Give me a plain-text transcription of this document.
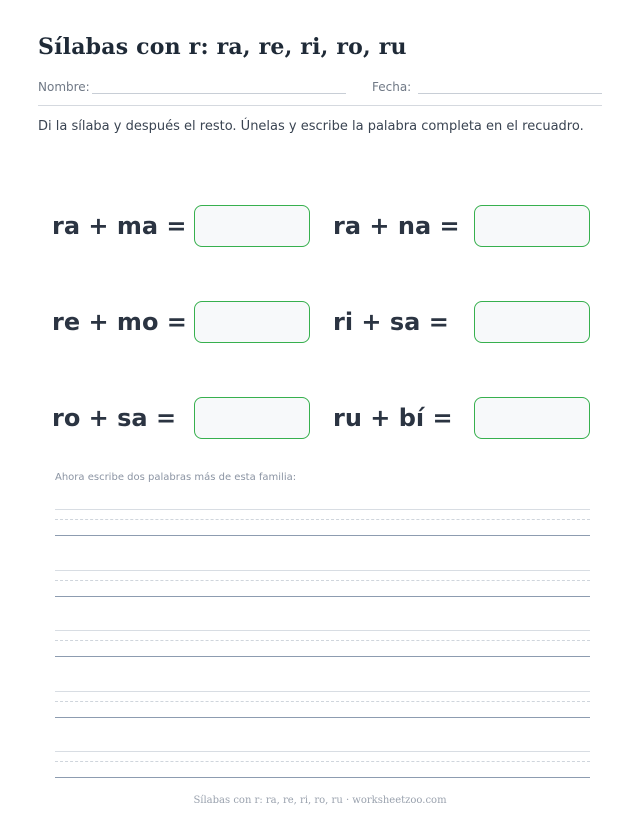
Sílabas con r: ra, re, ri, ro, ru
Nombre:	Fecha:
Di la sílaba y después el resto. Únelas y escribe la palabra completa en el recuadro.
ra + ma =	ra + na =
re + mo =	ri + sa =
ro + sa =	ru + bí =
Ahora escribe dos palabras más de esta familia:
Sílabas con r: ra, re, ri, ro, ru · worksheetzoo.com
